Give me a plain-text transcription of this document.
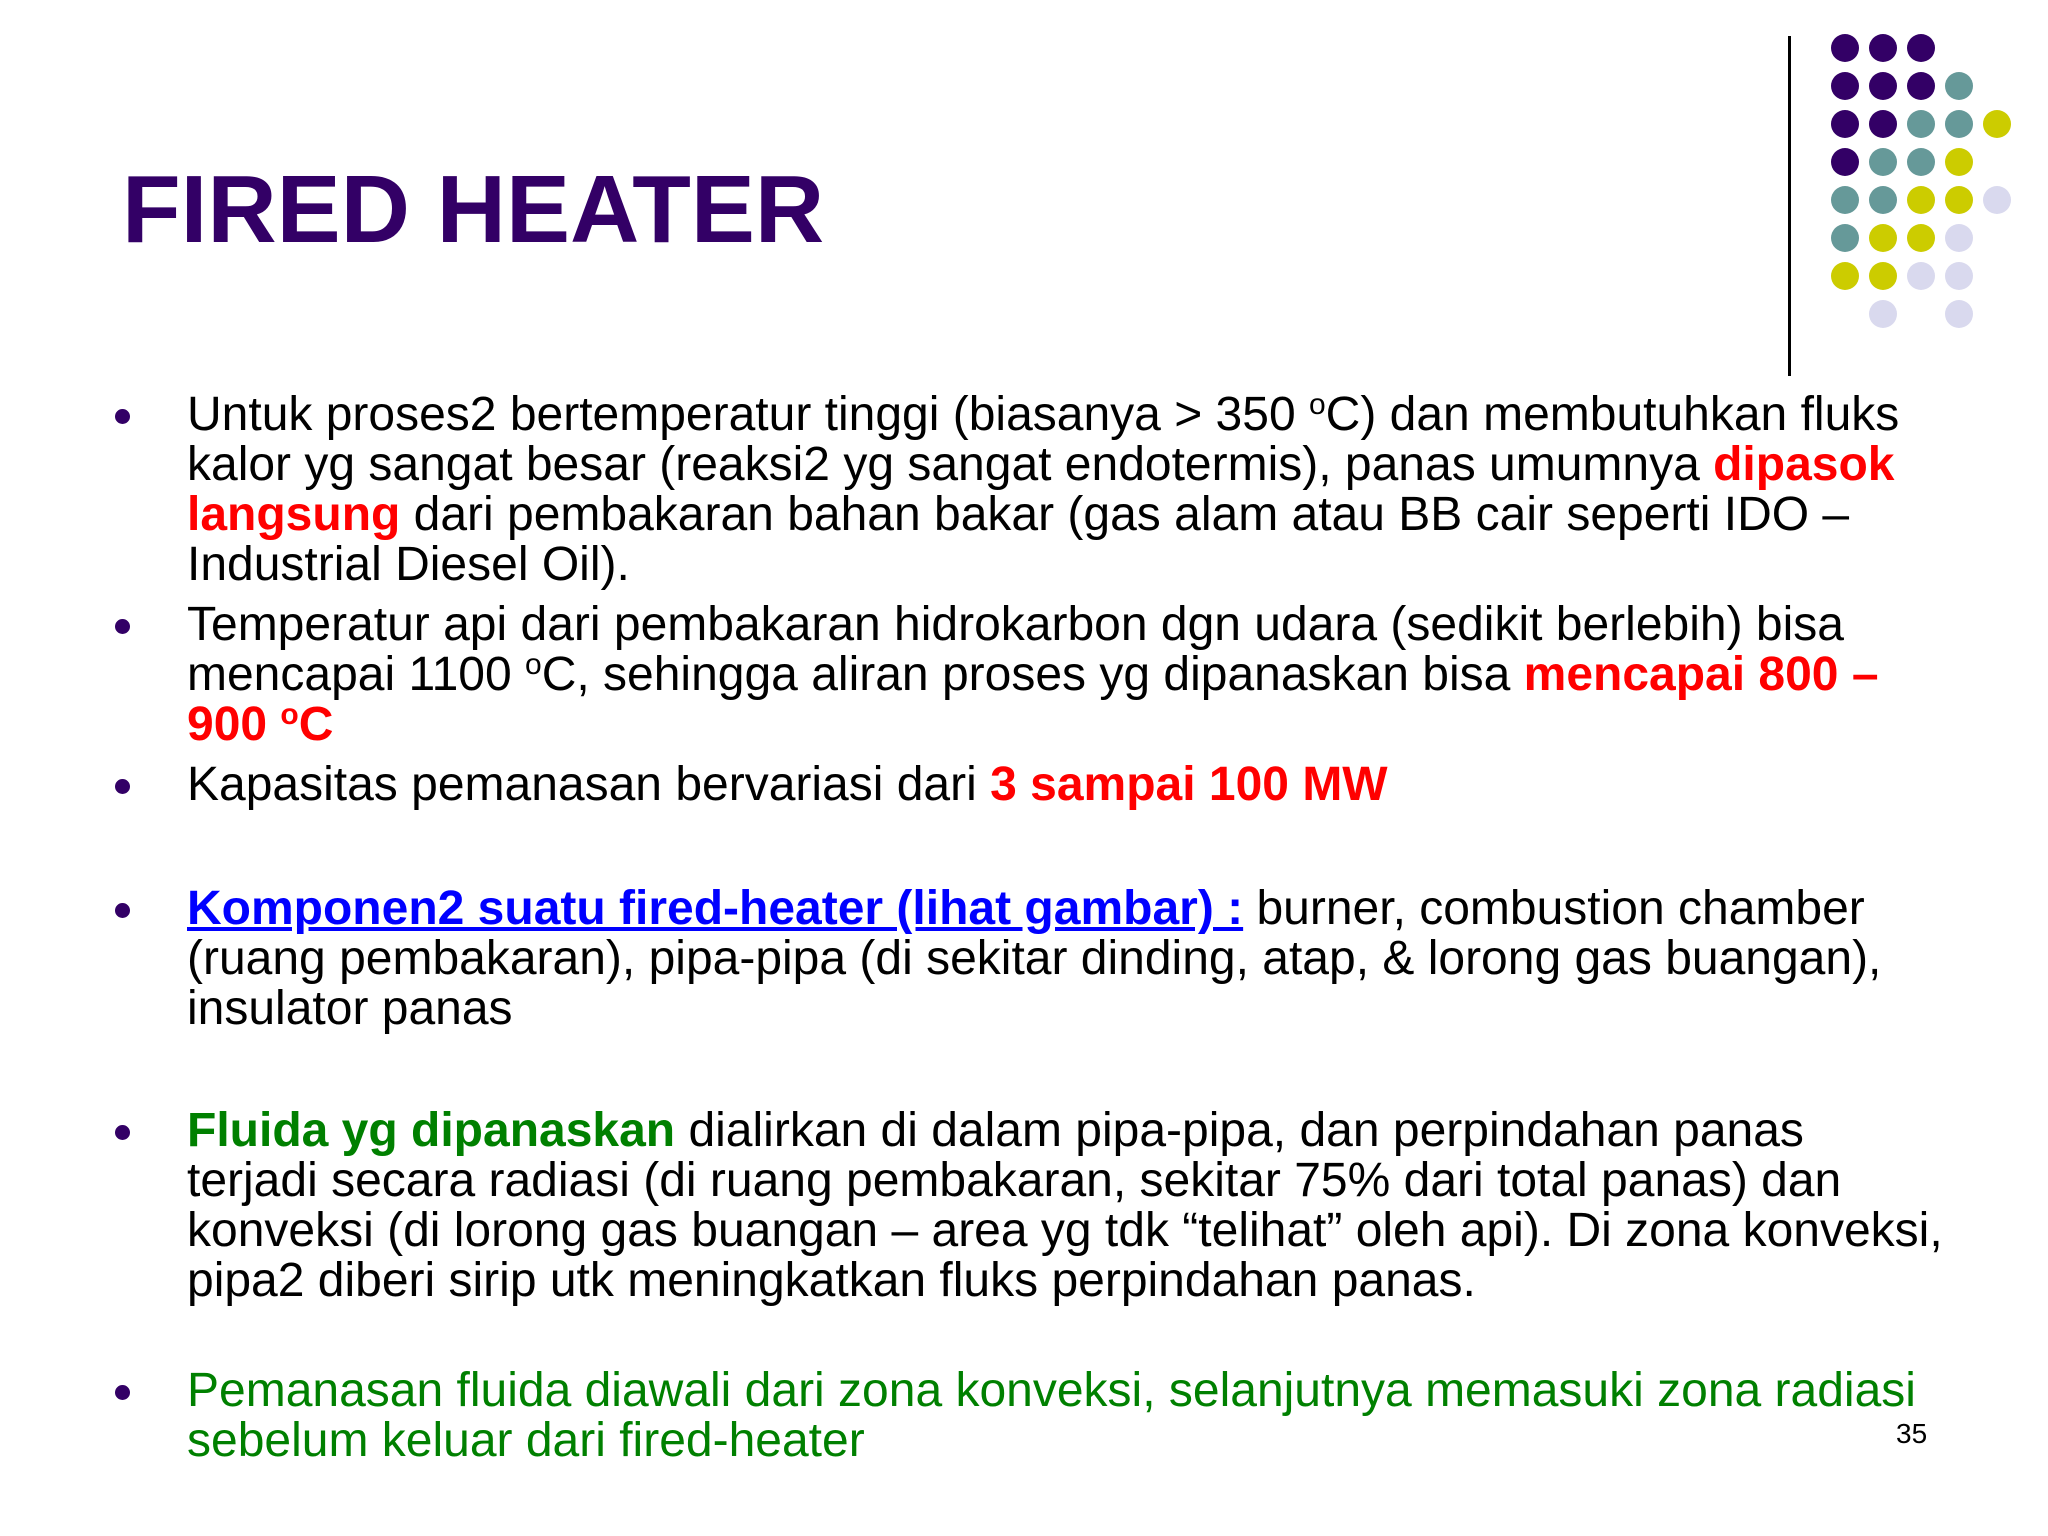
FIRED HEATER
Untuk proses2 bertemperatur tinggi (biasanya > 350 $^o$C) dan membutuhkan fluks kalor yg sangat besar (reaksi2 yg sangat endotermis), panas umumnya dipasok langsung dari pembakaran bahan bakar (gas alam atau BB cair seperti IDO – Industrial Diesel Oil).
Temperatur api dari pembakaran hidrokarbon dgn udara (sedikit berlebih) bisa mencapai 1100 $^o$C, sehingga aliran proses yg dipanaskan bisa mencapai 800 – 900 $^o$C
Kapasitas pemanasan bervariasi dari 3 sampai 100 MW
Komponen2 suatu fired-heater (lihat gambar) : burner, combustion chamber (ruang pembakaran), pipa-pipa (di sekitar dinding, atap, & lorong gas buangan), insulator panas
Fluida yg dipanaskan dialirkan di dalam pipa-pipa, dan perpindahan panas terjadi secara radiasi (di ruang pembakaran, sekitar 75% dari total panas) dan konveksi (di lorong gas buangan – area yg tdk “telihat” oleh api). Di zona konveksi, pipa2 diberi sirip utk meningkatkan fluks perpindahan panas.
Pemanasan fluida diawali dari zona konveksi, selanjutnya memasuki zona radiasi sebelum keluar dari fired-heater	35
